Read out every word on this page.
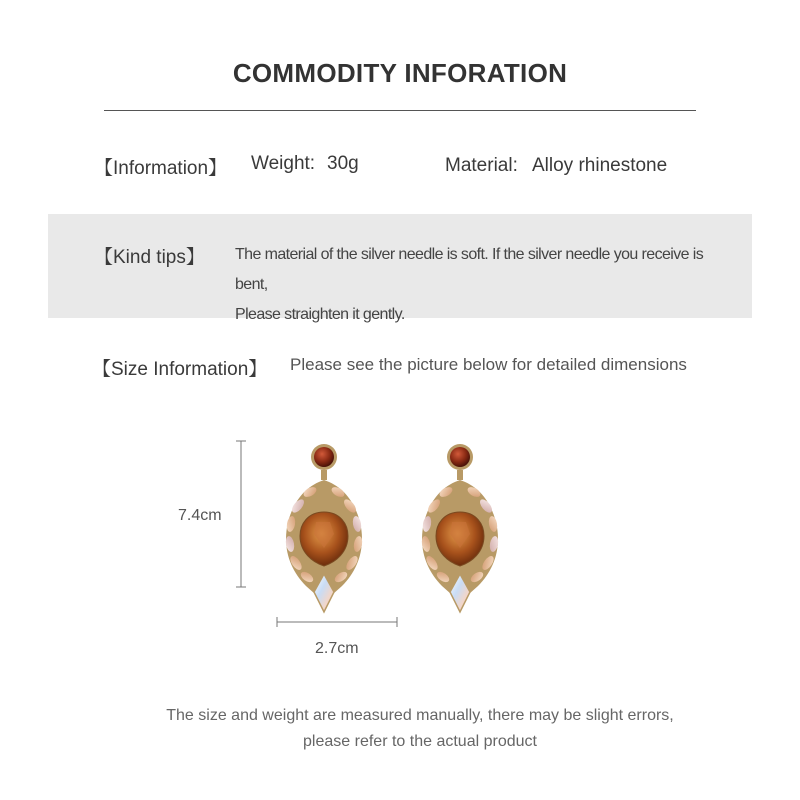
COMMODITY INFORATION
【Information】 Weight: 30g	Material: Alloy rhinestone
【Kind tips】 The material of the silver needle is soft. If the silver needle you receive is bent,
Please straighten it gently.
【Size Information】 Please see the picture below for detailed dimensions
7.4cm
2.7cm
The size and weight are measured manually, there may be slight errors,
please refer to the actual product
